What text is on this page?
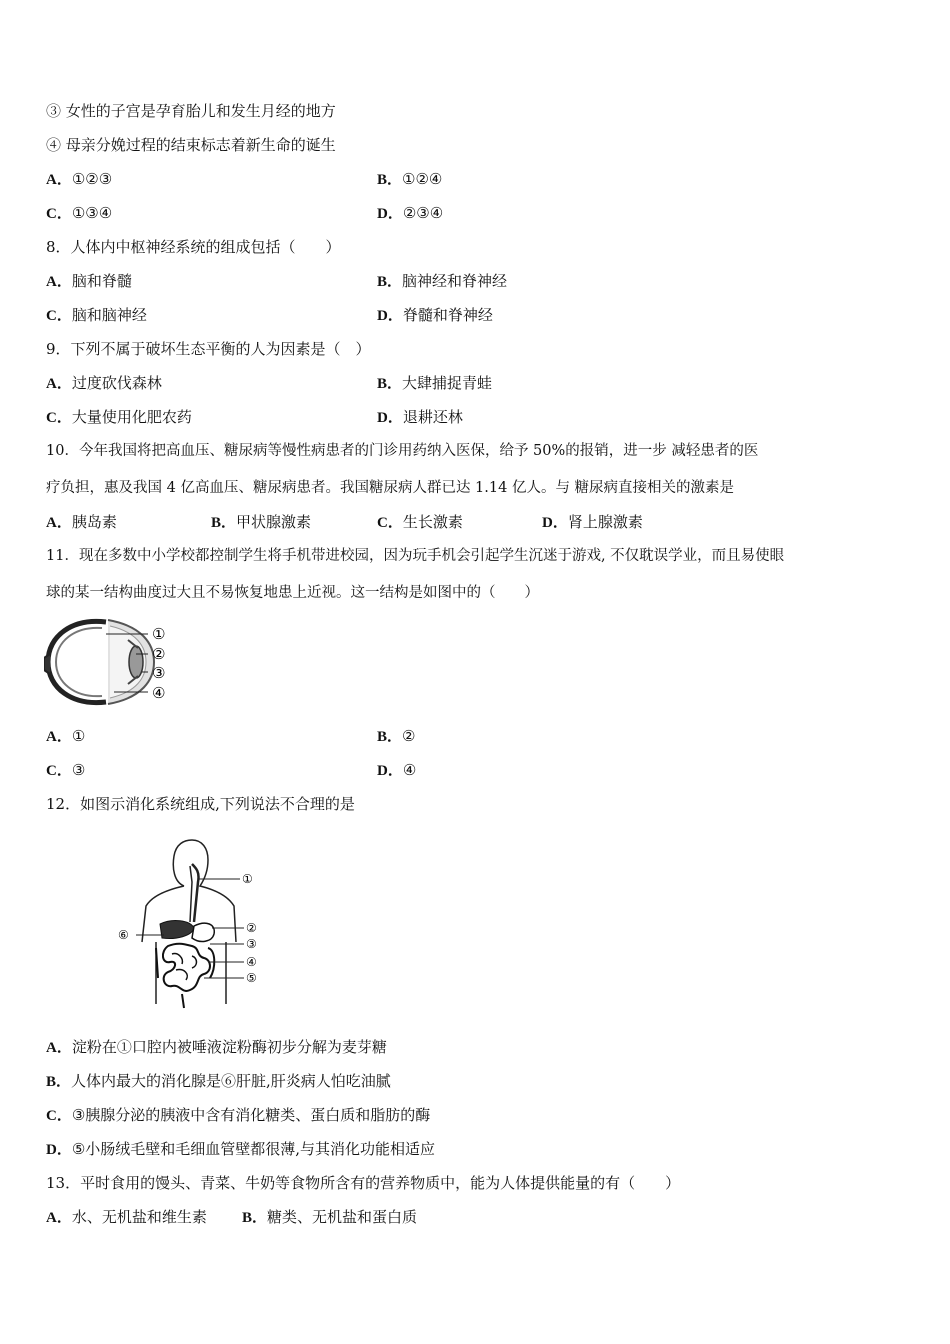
③ 女性的子宫是孕育胎儿和发生月经的地方
④ 母亲分娩过程的结束标志着新生命的诞生
A．①②③	B．①②④
C．①③④	D．②③④
8．人体内中枢神经系统的组成包括（　　）
A．脑和脊髓	B．脑神经和脊神经
C．脑和脑神经	D．脊髓和脊神经
9．下列不属于破坏生态平衡的人为因素是（　）
A．过度砍伐森林	B．大肆捕捉青蛙
C．大量使用化肥农药	D．退耕还林
10．今年我国将把高血压、糖尿病等慢性病患者的门诊用药纳入医保，给予 50%的报销，进一步 减轻患者的医
疗负担，惠及我国 4 亿高血压、糖尿病患者。我国糖尿病人群已达 1.14 亿人。与 糖尿病直接相关的激素是
A．胰岛素	B．甲状腺激素	C．生长激素	D．肾上腺激素
11．现在多数中小学校都控制学生将手机带进校园，因为玩手机会引起学生沉迷于游戏, 不仅耽误学业，而且易使眼
球的某一结构曲度过大且不易恢复地患上近视。这一结构是如图中的（　　）
①
②
③
④
A．①	B．②
C．③	D．④
12．如图示消化系统组成,下列说法不合理的是
①
②
③
④
⑤
⑥
A．淀粉在①口腔内被唾液淀粉酶初步分解为麦芽糖
B．人体内最大的消化腺是⑥肝脏,肝炎病人怕吃油腻
C．③胰腺分泌的胰液中含有消化糖类、蛋白质和脂肪的酶
D．⑤小肠绒毛壁和毛细血管壁都很薄,与其消化功能相适应
13．平时食用的馒头、青菜、牛奶等食物所含有的营养物质中，能为人体提供能量的有（　　）
A．水、无机盐和维生素 B．糖类、无机盐和蛋白质
